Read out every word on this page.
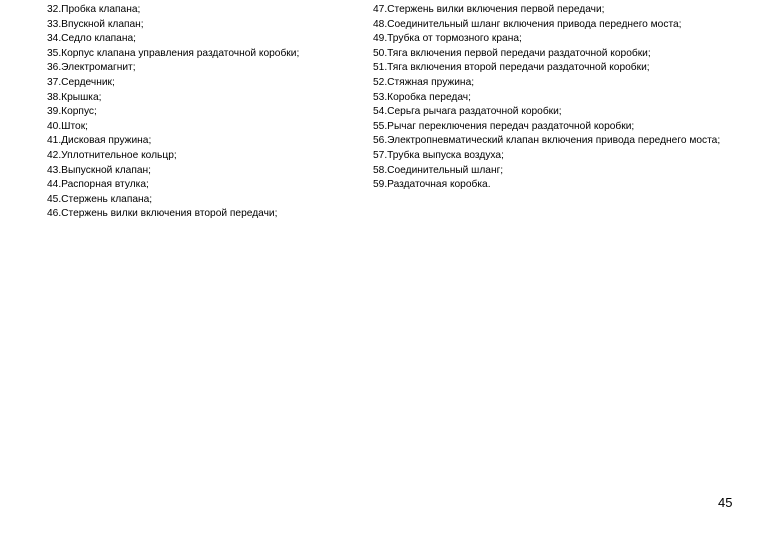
32.Пробка клапана;
33.Впускной клапан;
34.Седло клапана;
35.Корпус клапана управления раздаточной коробки;
36.Электромагнит;
37.Сердечник;
38.Крышка;
39.Корпус;
40.Шток;
41.Дисковая пружина;
42.Уплотнительное кольцр;
43.Выпускной клапан;
44.Распорная втулка;
45.Стержень клапана;
46.Стержень вилки включения второй передачи;
47.Стержень вилки включения первой передачи;
48.Соединительный шланг включения привода переднего моста;
49.Трубка от тормозного крана;
50.Тяга включения первой передачи раздаточной коробки;
51.Тяга включения второй передачи раздаточной коробки;
52.Стяжная пружина;
53.Коробка передач;
54.Серьга рычага раздаточной коробки;
55.Рычаг переключения передач раздаточной коробки;
56.Электропневматический клапан включения привода переднего моста;
57.Трубка выпуска воздуха;
58.Соединительный шланг;
59.Раздаточная коробка.
45
